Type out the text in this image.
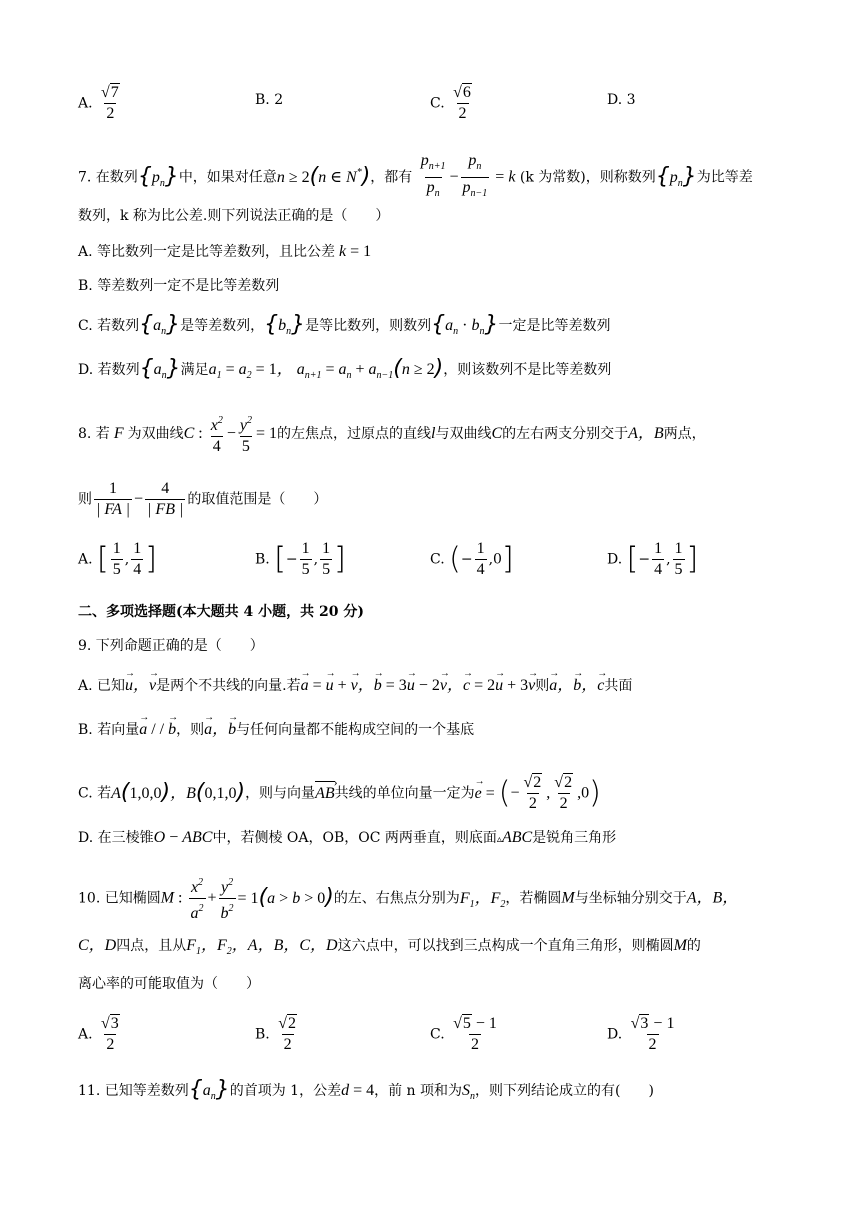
A. $\frac{√7}{2}$	B. 2	C. $\frac{√6}{2}$	D. 3
7. 在数列$\{p_n\}$中，如果对任意n ≥ 2(n ∈ N*)，都有 $\frac{p_{n+1}}{p_n} - \frac{p_n}{p_{n-1}} = k$ (k 为常数)，则称数列$\{p_n\}$为比等差
数列，k 称为比公差.则下列说法正确的是（　　）
A. 等比数列一定是比等差数列，且比公差 k = 1
B. 等差数列一定不是比等差数列
C. 若数列$\{a_n\}$是等差数列，$\{b_n\}$是等比数列，则数列$\{a_n \cdot b_n\}$一定是比等差数列
D. 若数列$\{a_n\}$满足$a_1 = a_2 = 1$， $a_{n+1} = a_n + a_{n-1}(n \ge 2)$，则该数列不是比等差数列
8. 若 F 为双曲线C : $\frac{x^2}{4} - \frac{y^2}{5} = 1$的左焦点，过原点的直线l与双曲线C的左右两支分别交于A，B两点，
则 $\frac{1}{| FA |} - \frac{4}{| FB |}$ 的取值范围是（　　）
A. [ $\frac{1}{5}$ , $\frac{1}{4}$ ]	B. [− $\frac{1}{5}$ , $\frac{1}{5}$ ]	C. (− $\frac{1}{4} ,0$]	D. [− $\frac{1}{4}$ , $\frac{1}{5}$ ]
二、多项选择题(本大题共 4 小题，共 20 分)
9. 下列命题正确的是（　　）
A. 已知→ u，→ v是两个不共线的向量.若→ a = → u + → v，→ b = 3→ u − 2→ v，→ c = 2→ u + 3→ v则→ a，→ b，→ c共面
B. 若向量→ a / / → b，则→ a，→ b与任何向量都不能构成空间的一个基底
C. 若A(1,0,0)，B(0,1,0)，则与向量AB ›共线的单位向量一定为→ e = (− $\frac{√2}{2}$ , $\frac{√2}{2} ,0$)
D. 在三棱锥O − ABC中，若侧棱 OA，OB，OC 两两垂直，则底面▵ABC是锐角三角形
10. 已知椭圆M : $\frac{x^2}{a^2} + \frac{y^2}{b^2} = 1(a > b > 0)$的左、右焦点分别为$F_1$，$F_2$，若椭圆M与坐标轴分别交于A，B，
C，D四点，且从$F_1$，$F_2$，A，B，C，D这六点中，可以找到三点构成一个直角三角形，则椭圆M的
离心率的可能取值为（　　）
A. $\frac{√3}{2}$	B. $\frac{√2}{2}$	C. $\frac{√5 - 1}{2}$	D. $\frac{√3 - 1}{2}$
11. 已知等差数列$\{a_n\}$的首项为 1，公差d = 4，前 n 项和为$S_n$，则下列结论成立的有(　　)
